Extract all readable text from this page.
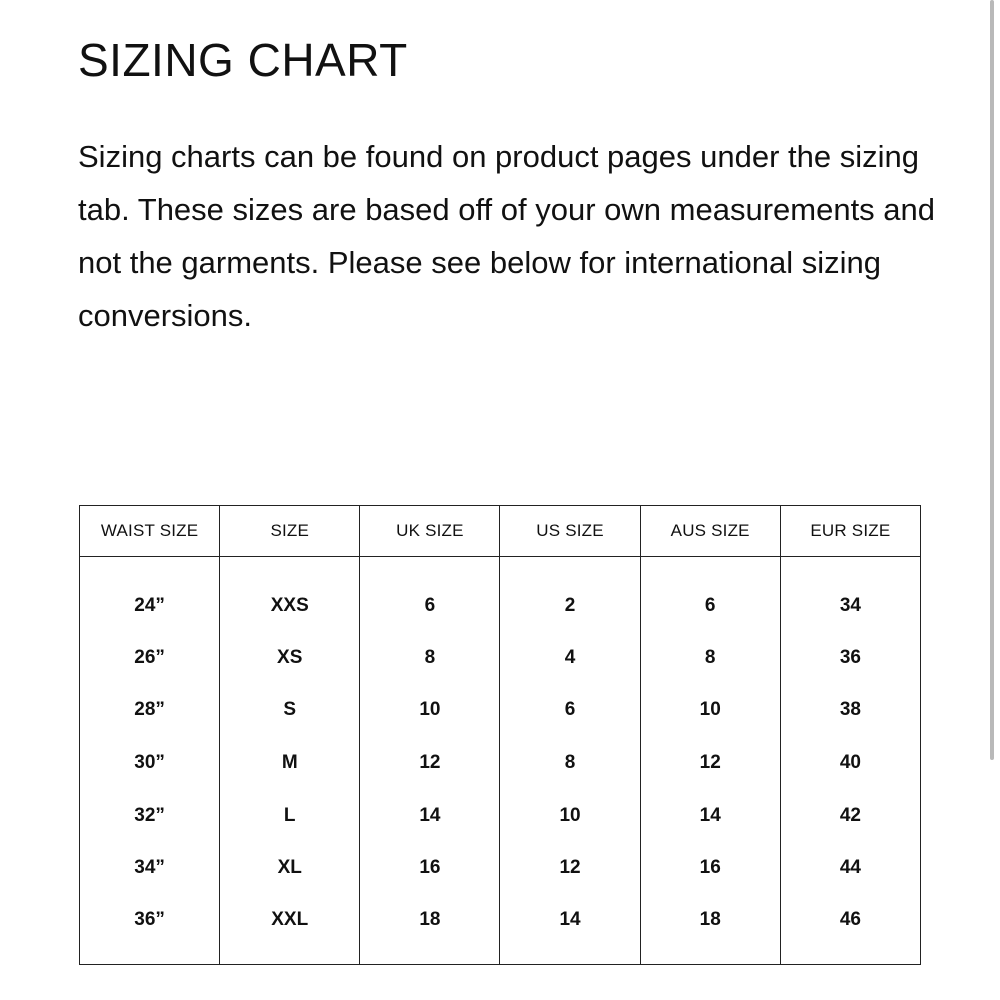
SIZING CHART

Sizing charts can be found on product pages under the sizing tab. These sizes are based off of your own measurements and not the garments. Please see below for international sizing conversions.

WAIST SIZE	SIZE	UK SIZE	US SIZE	AUS SIZE	EUR SIZE
24”	XXS	6	2	6	34
26”	XS	8	4	8	36
28”	S	10	6	10	38
30”	M	12	8	12	40
32”	L	14	10	14	42
34”	XL	16	12	16	44
36”	XXL	18	14	18	46
